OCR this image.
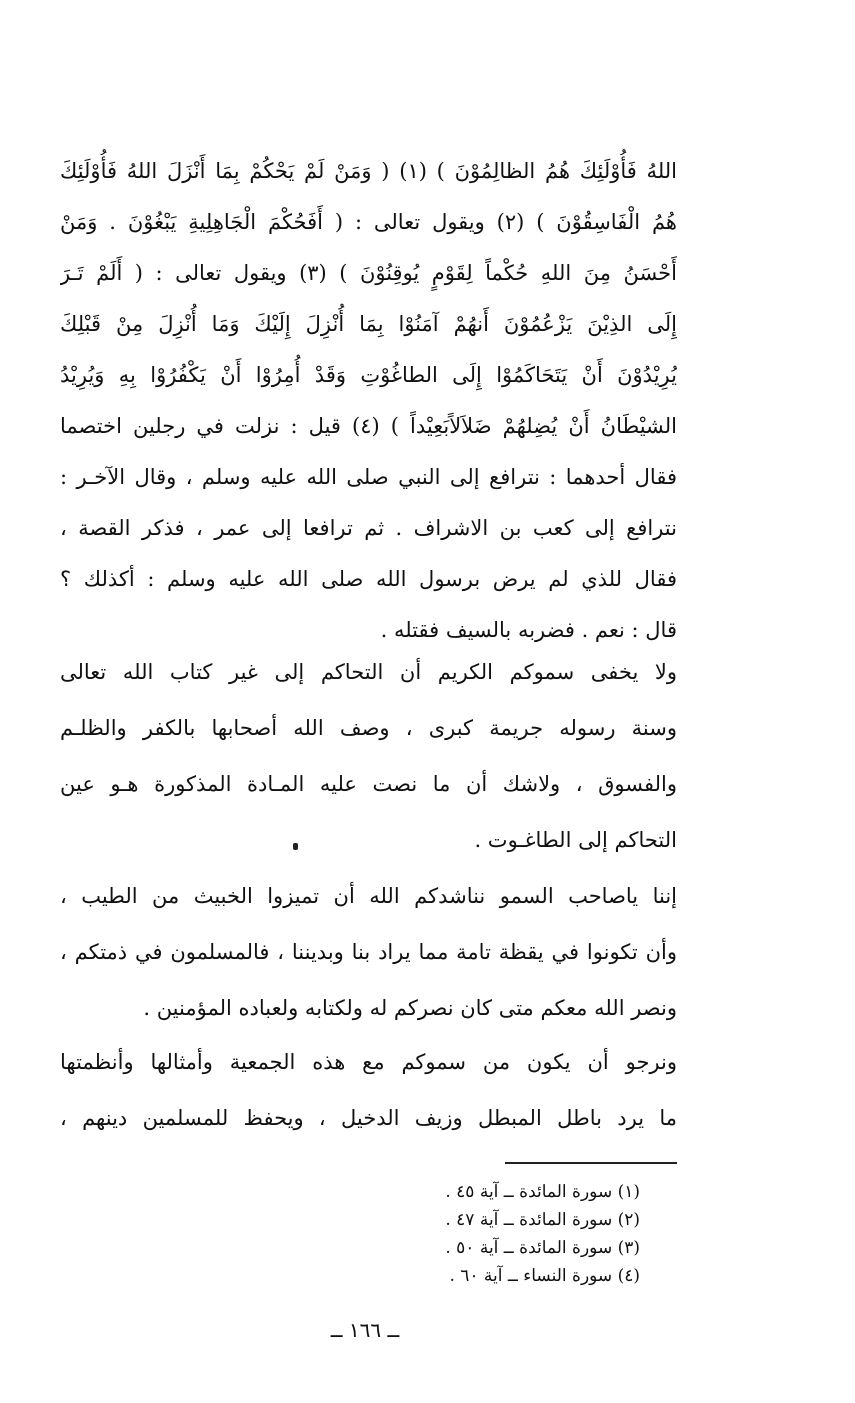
اللهُ فَأُوْلَئِكَ هُمُ الظالِمُوْنَ ) (١) ( وَمَنْ لَمْ يَحْكُمْ بِمَا أَنْزَلَ اللهُ فَأُوْلَئِكَ
هُمُ الْفَاسِقُوْنَ ) (٢) ويقول تعالى : ( أَفَحُكْمَ الْجَاهِلِيةِ يَبْغُوْنَ . وَمَنْ
أَحْسَنُ مِنَ اللهِ حُكْماً لِقَوْمٍ يُوقِنُوْنَ ) (٣) ويقول تعالى : ( أَلَمْ تَـرَ
إِلَى الذِيْنَ يَزْعُمُوْنَ أَنهُمْ آمَنُوْا بِمَا أُنْزِلَ إِلَيْكَ وَمَا أُنْزِلَ مِنْ قَبْلِكَ
يُرِيْدُوْنَ أَنْ يَتَحَاكَمُوْا إِلَى الطاغُوْتِ وَقَدْ أُمِرُوْا أَنْ يَكْفُرُوْا بِهِ وَيُرِيْدُ
الشيْطَانُ أَنْ يُضِلهُمْ ضَلاَلاًبَعِيْداً ) (٤) قيل : نزلت في رجلين اختصما
فقال أحدهما : نترافع إلى النبي صلى الله عليه وسلم ، وقال الآخـر :
نترافع إلى كعب بن الاشراف . ثم ترافعا إلى عمر ، فذكر القصة ،
فقال للذي لم يرض برسول الله صلى الله عليه وسلم : أكذلك ؟
قال : نعم . فضربه بالسيف فقتله .
ولا يخفى سموكم الكريم أن التحاكم إلى غير كتاب الله تعالى
وسنة رسوله جريمة كبرى ، وصف الله أصحابها بالكفر والظلـم
والفسوق ، ولاشك أن ما نصت عليه المـادة المذكورة هـو عين
التحاكم إلى الطاغـوت .
إننا ياصاحب السمو نناشدكم الله أن تميزوا الخبيث من الطيب ،
وأن تكونوا في يقظة تامة مما يراد بنا وبديننا ، فالمسلمون في ذمتكم ،
ونصر الله معكم متى كان نصركم له ولكتابه ولعباده المؤمنين .
ونرجو أن يكون من سموكم مع هذه الجمعية وأمثالها وأنظمتها
ما يرد باطل المبطل وزيف الدخيل ، ويحفظ للمسلمين دينهم ،
(١) سورة المائدة ــ آية ٤٥ .
(٢) سورة المائدة ــ آية ٤٧ .
(٣) سورة المائدة ــ آية ٥٠ .
(٤) سورة النساء ــ آية ٦٠ .
ــ ١٦٦ ــ
